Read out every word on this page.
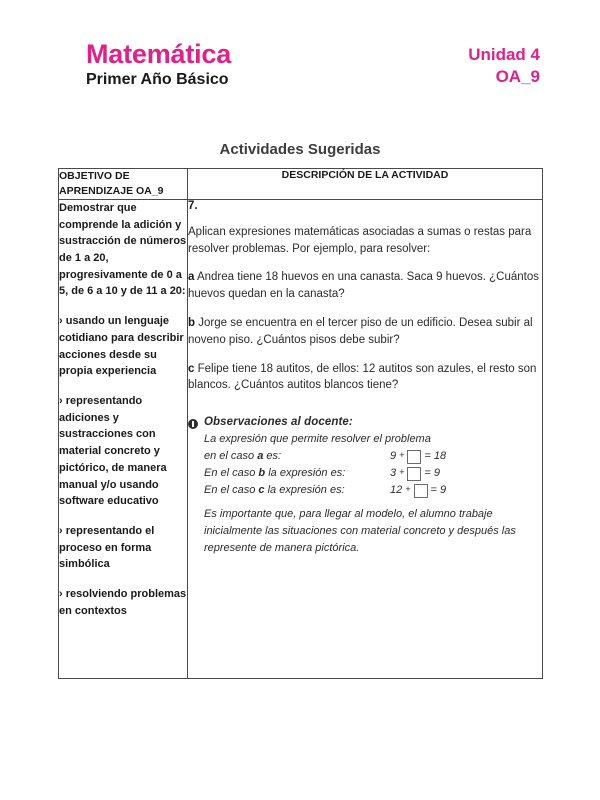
Matemática
Primer Año Básico
Unidad 4
OA_9
Actividades Sugeridas
OBJETIVO DE APRENDIZAJE OA_9	DESCRIPCIÓN DE LA ACTIVIDAD

Demostrar que comprende la adición y sustracción de números de 1 a 20, progresivamente de 0 a 5, de 6 a 10 y de 11 a 20:

› usando un lenguaje cotidiano para describir acciones desde su propia experiencia

› representando adiciones y sustracciones con material concreto y pictórico, de manera manual y/o usando software educativo

› representando el proceso en forma simbólica

› resolviendo problemas en contextos

7.

Aplican expresiones matemáticas asociadas a sumas o restas para resolver problemas. Por ejemplo, para resolver:

a Andrea tiene 18 huevos en una canasta. Saca 9 huevos. ¿Cuántos huevos quedan en la canasta?

b Jorge se encuentra en el tercer piso de un edificio. Desea subir al noveno piso. ¿Cuántos pisos debe subir?

c Felipe tiene 18 autitos, de ellos: 12 autitos son azules, el resto son blancos. ¿Cuántos autitos blancos tiene?

Observaciones al docente:
La expresión que permite resolver el problema
en el caso a es:	9 + = 18
En el caso b la expresión es:	3 + = 9
En el caso c la expresión es:	12 + = 9
Es importante que, para llegar al modelo, el alumno trabaje inicialmente las situaciones con material concreto y después las represente de manera pictórica.
